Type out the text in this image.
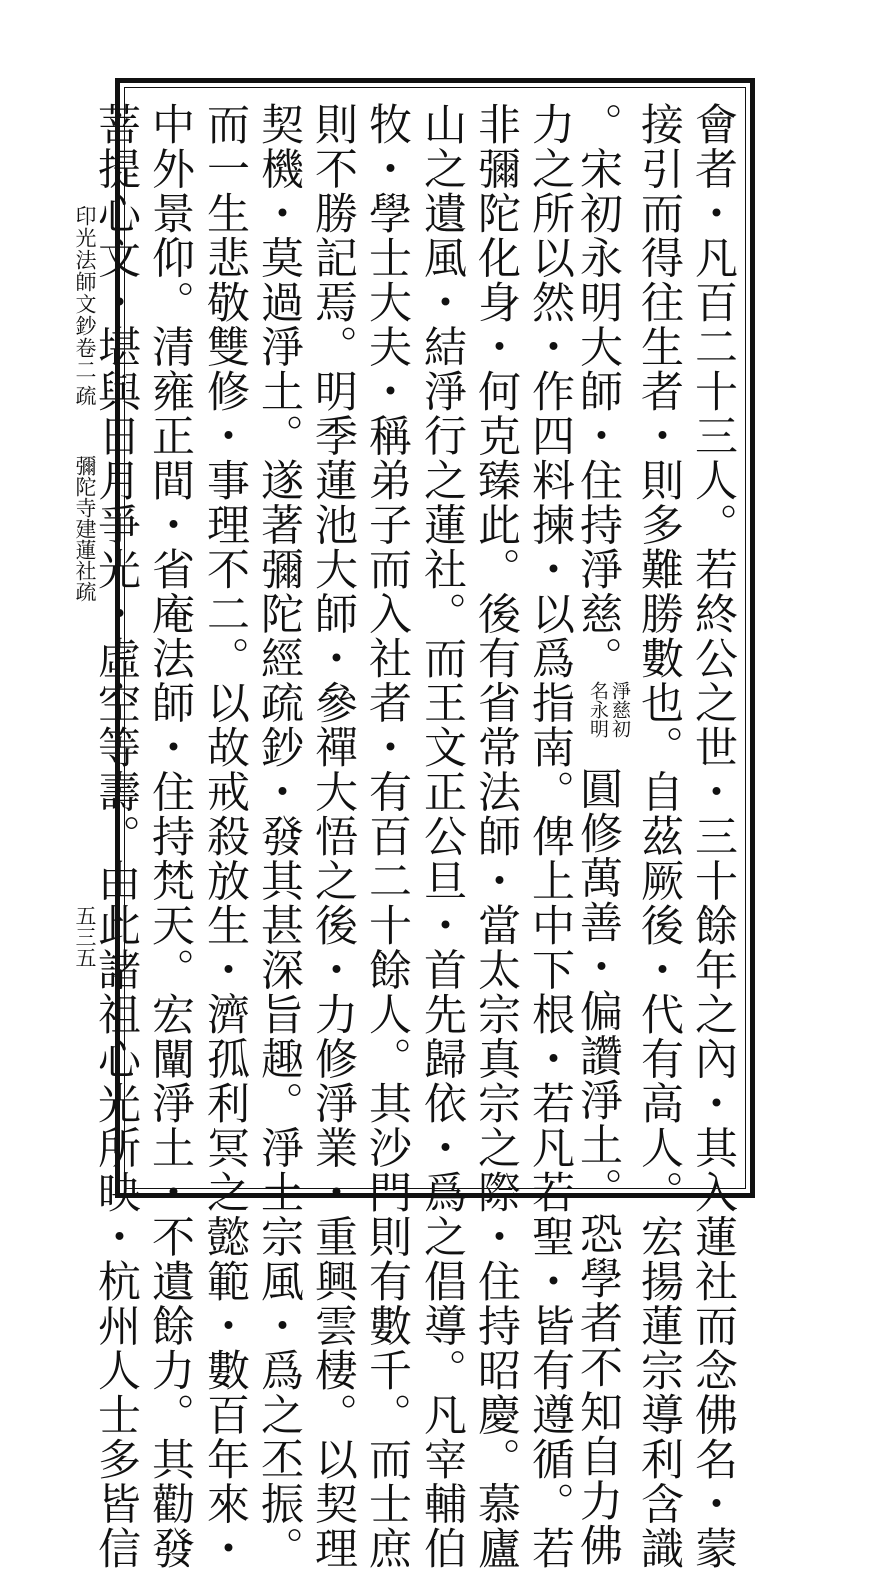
會者・凡百二十三人。若終公之世・三十餘年之內・其入蓮社而念佛名・蒙
接引而得往生者・則多難勝數也。自茲厥後・代有高人。宏揚蓮宗導利含識
。宋初永明大師・住持淨慈。
淨慈初
名永明
圓修萬善・偏讚淨土。恐學者不知自力佛
力之所以然・作四料揀・以爲指南。俾上中下根・若凡若聖・皆有遵循。若
非彌陀化身・何克臻此。後有省常法師・當太宗真宗之際・住持昭慶。慕廬
山之遺風・結淨行之蓮社。而王文正公旦・首先歸依・爲之倡導。凡宰輔伯
牧・學士大夫・稱弟子而入社者・有百二十餘人。其沙門則有數千。而士庶
則不勝記焉。明季蓮池大師・參禪大悟之後・力修淨業・重興雲棲。以契理
契機・莫過淨土。遂著彌陀經疏鈔・發其甚深旨趣。淨土宗風・爲之丕振。
而一生悲敬雙修・事理不二。以故戒殺放生・濟孤利冥之懿範・數百年來・
中外景仰。清雍正間・省庵法師・住持梵天。宏闡淨土・不遺餘力。其勸發
菩提心文・堪與日月爭光・虛空等壽。由此諸祖心光所映・杭州人士多皆信
印光法師文鈔卷二
疏
彌陀寺建蓮社疏
五三五
